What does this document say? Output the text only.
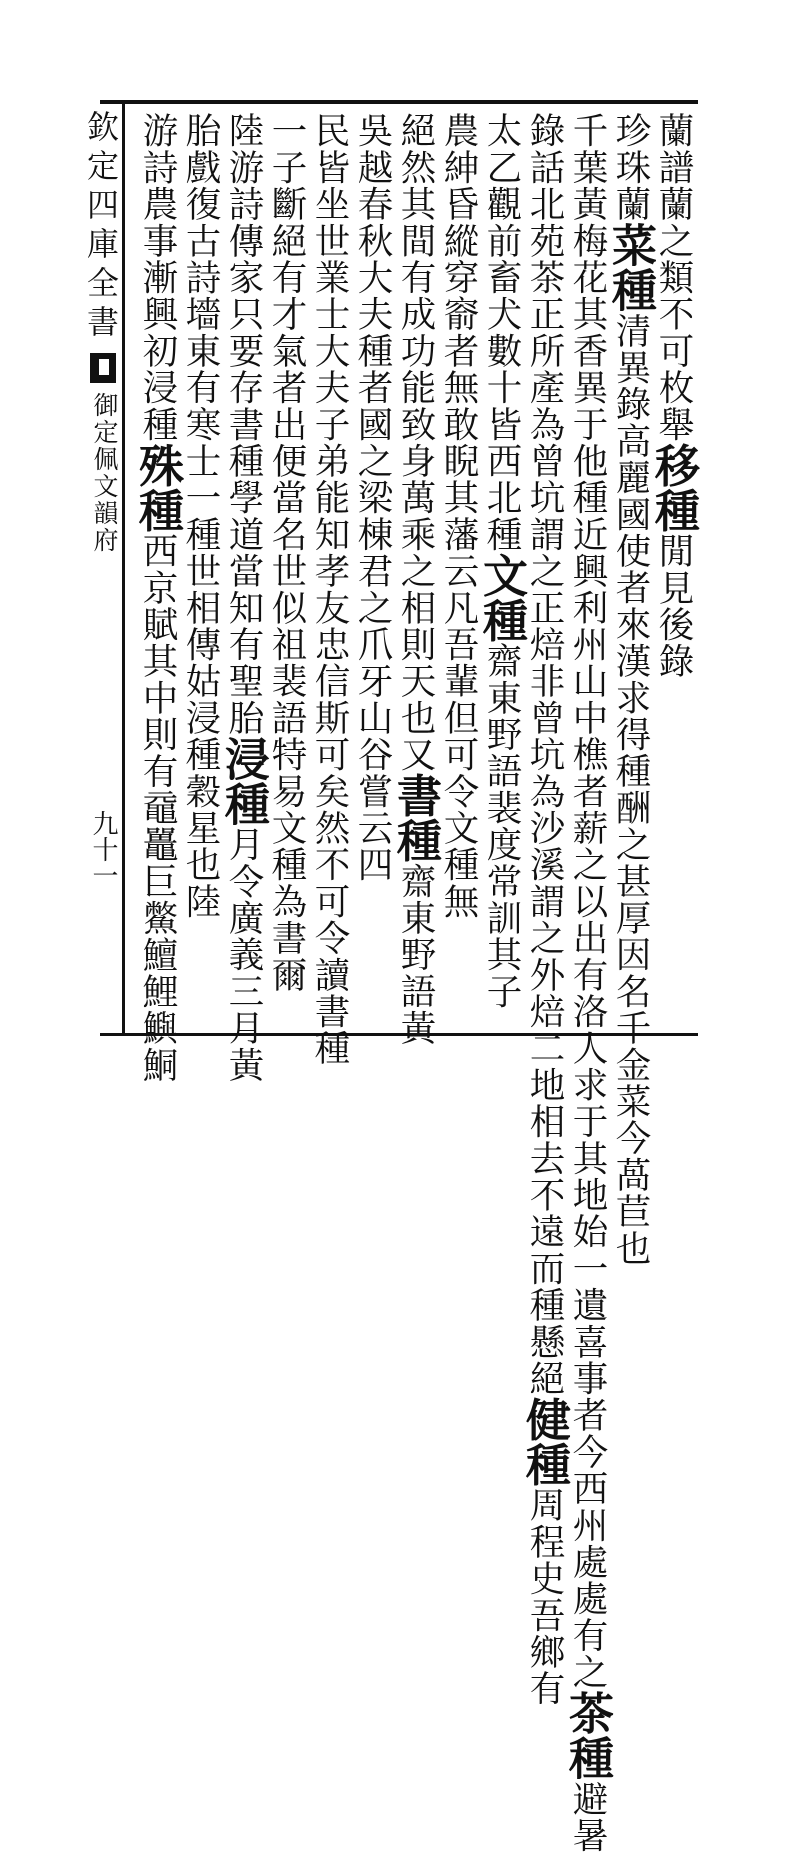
欽
定
四
庫
全
書
御定佩文韻府
九十一
蘭譜蘭之類不可枚舉移種閒見後錄
珍珠蘭菜種清異錄高麗國使者來漢求得種酬之甚厚因名千金菜今萵苣也
千葉黃梅花其香異于他種近興利州山中樵者薪之以出有洛人求于其地始一遺喜事者今西州處處有之茶種避暑
錄話北苑茶正所產為曾坑謂之正焙非曾坑為沙溪謂之外焙二地相去不遠而種懸絕健種周程史吾鄉有
太乙觀前畜犬數十皆西北種文種齋東野語裴度常訓其子
農紳昏縱穿窬者無敢睨其藩云凡吾輩但可令文種無
絕然其間有成功能致身萬乘之相則天也又書種齋東野語黃
吳越春秋大夫種者國之梁棟君之爪牙山谷嘗云四
民皆坐世業士大夫子弟能知孝友忠信斯可矣然不可令讀書種
一子斷絕有才氣者出便當名世似祖裴語特易文種為書爾
陸游詩傳家只要存書種學道當知有聖胎浸種月令廣義三月黃
胎戲復古詩墻東有寒士一種世相傳姑浸種穀星也陸
游詩農事漸興初浸種殊種西京賦其中則有黿鼉巨鱉鱣鯉鱮鮦
